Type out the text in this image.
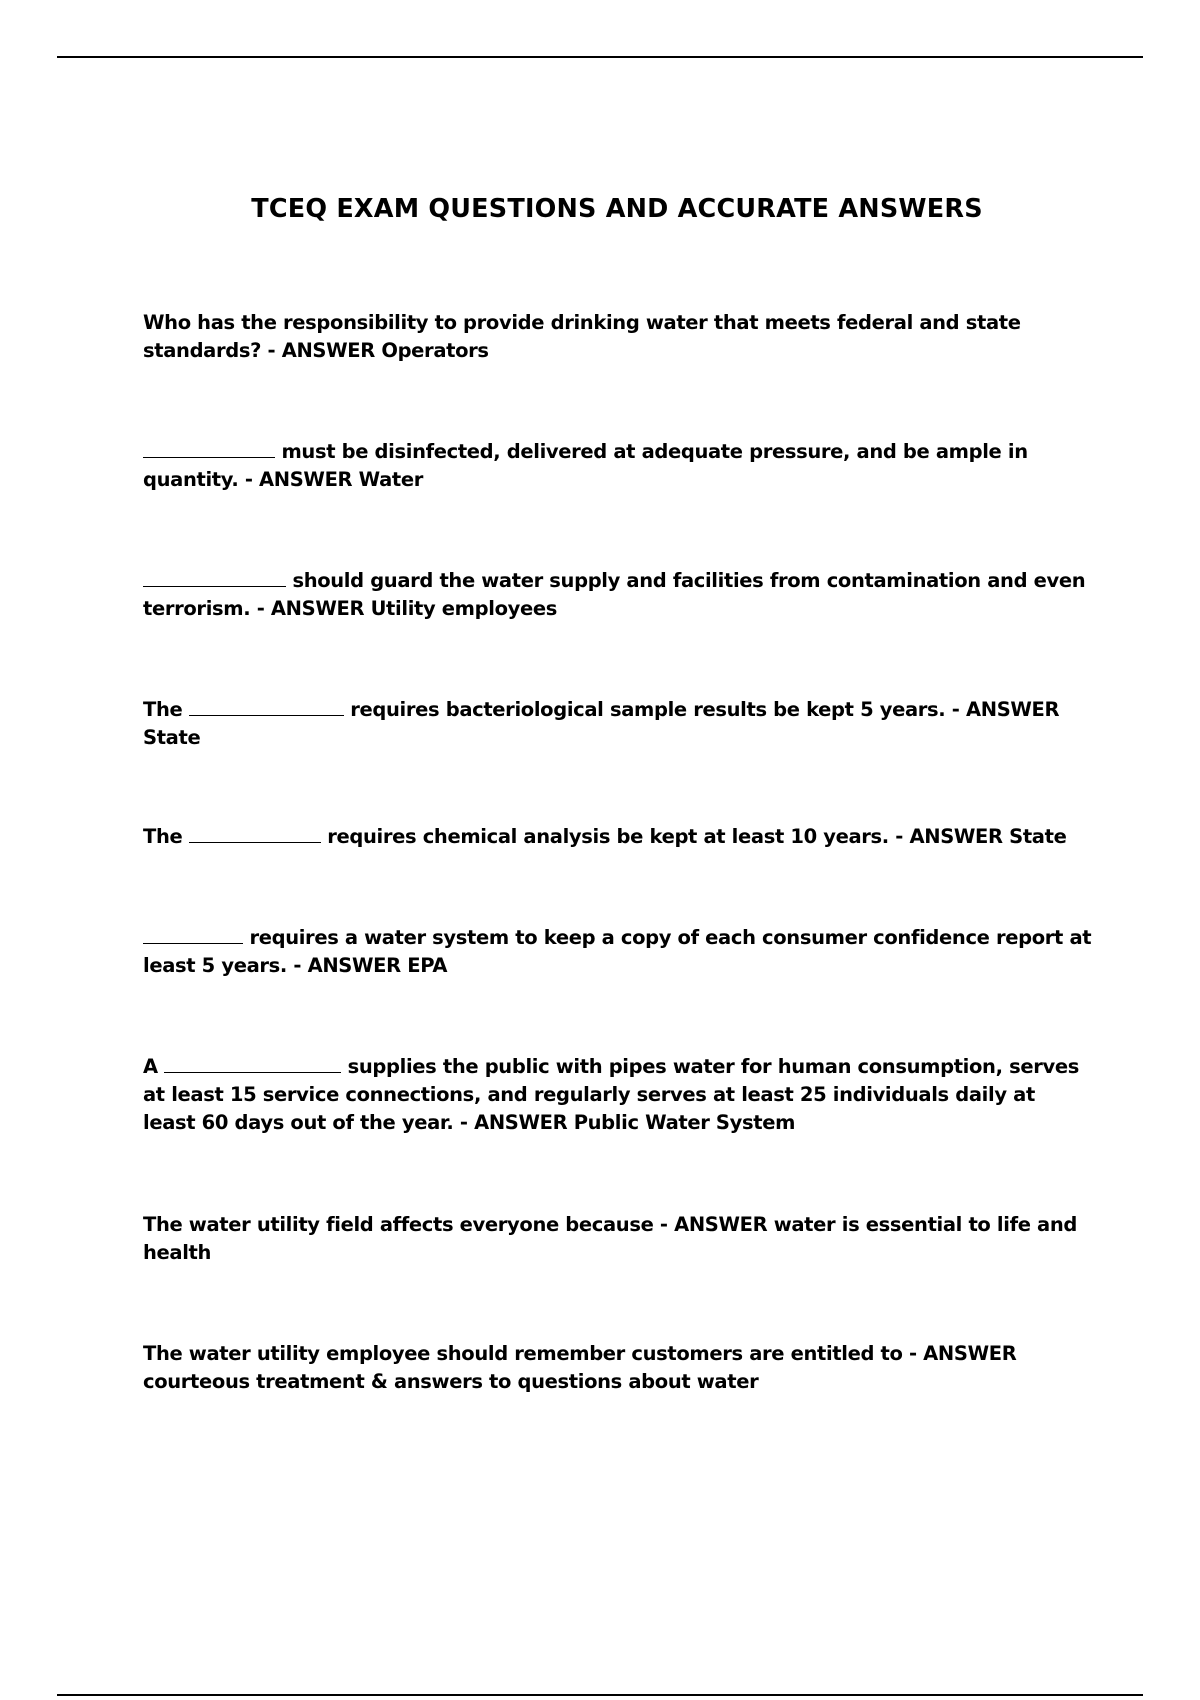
TCEQ EXAM QUESTIONS AND ACCURATE ANSWERS

Who has the responsibility to provide drinking water that meets federal and state standards? - ANSWER Operators

must be disinfected, delivered at adequate pressure, and be ample in quantity. - ANSWER Water

should guard the water supply and facilities from contamination and even terrorism. - ANSWER Utility employees

The	requires bacteriological sample results be kept 5 years. - ANSWER State

The	requires chemical analysis be kept at least 10 years. - ANSWER State

requires a water system to keep a copy of each consumer confidence report at least 5 years. - ANSWER EPA

A	supplies the public with pipes water for human consumption, serves at least 15 service connections, and regularly serves at least 25 individuals daily at least 60 days out of the year. - ANSWER Public Water System

The water utility field affects everyone because - ANSWER water is essential to life and health

The water utility employee should remember customers are entitled to - ANSWER courteous treatment & answers to questions about water
